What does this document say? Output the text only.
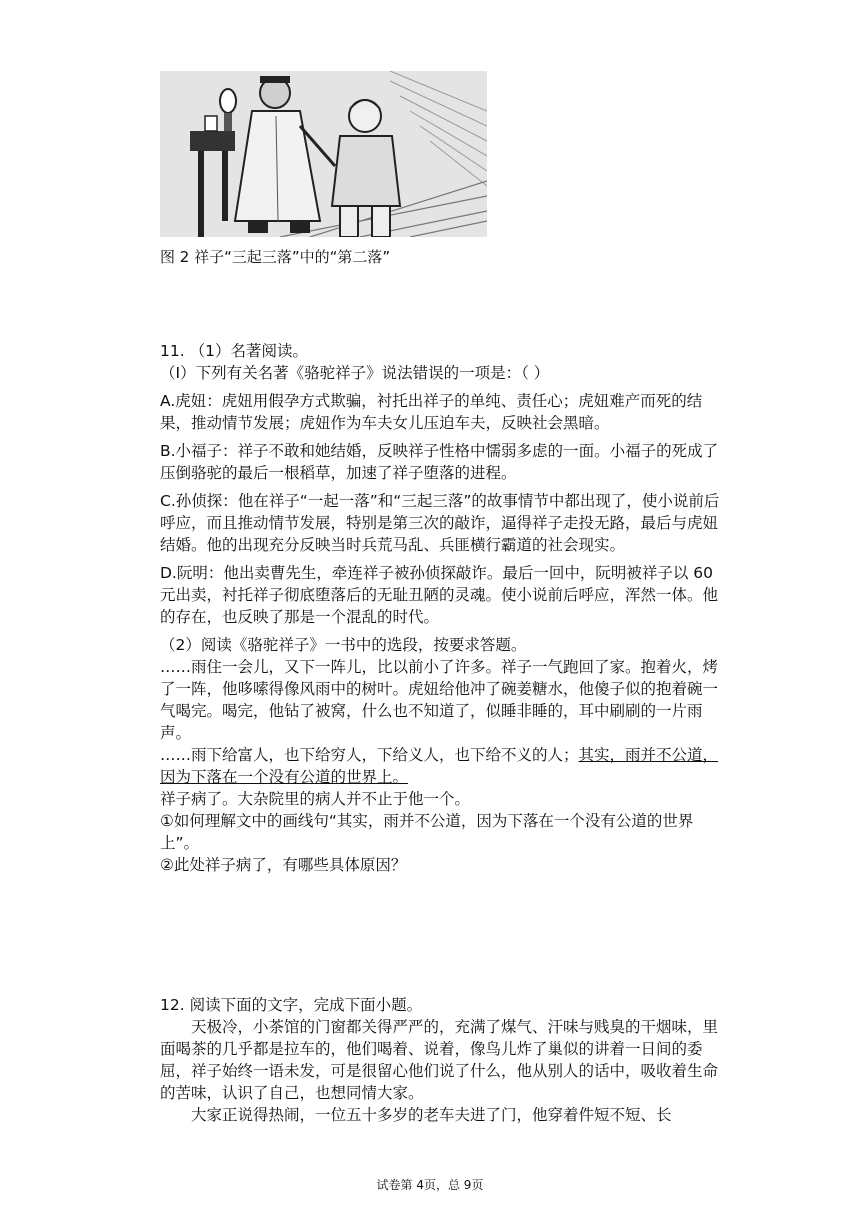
图 2 祥子“三起三落”中的“第二落”

11. （1）名著阅读。

（Ⅰ）下列有关名著《骆驼祥子》说法错误的一项是：（ ）

A.虎妞：虎妞用假孕方式欺骗，衬托出祥子的单纯、责任心；虎妞难产而死的结果，推动情节发展；虎妞作为车夫女儿压迫车夫，反映社会黑暗。

B.小福子：祥子不敢和她结婚，反映祥子性格中懦弱多虑的一面。小福子的死成了压倒骆驼的最后一根稻草，加速了祥子堕落的进程。

C.孙侦探：他在祥子“一起一落”和“三起三落”的故事情节中都出现了，使小说前后呼应，而且推动情节发展，特别是第三次的敲诈，逼得祥子走投无路，最后与虎妞结婚。他的出现充分反映当时兵荒马乱、兵匪横行霸道的社会现实。

D.阮明：他出卖曹先生，牵连祥子被孙侦探敲诈。最后一回中，阮明被祥子以 60 元出卖，衬托祥子彻底堕落后的无耻丑陋的灵魂。使小说前后呼应，浑然一体。他的存在，也反映了那是一个混乱的时代。

（2）阅读《骆驼祥子》一书中的选段，按要求答题。

……雨住一会儿，又下一阵儿，比以前小了许多。祥子一气跑回了家。抱着火，烤了一阵，他哆嗦得像风雨中的树叶。虎妞给他冲了碗姜糖水，他傻子似的抱着碗一气喝完。喝完，他钻了被窝，什么也不知道了，似睡非睡的，耳中刷刷的一片雨声。

……雨下给富人，也下给穷人，下给义人，也下给不义的人；其实，雨并不公道，因为下落在一个没有公道的世界上。

祥子病了。大杂院里的病人并不止于他一个。

①如何理解文中的画线句“其实，雨并不公道，因为下落在一个没有公道的世界上”。

②此处祥子病了，有哪些具体原因？

12. 阅读下面的文字，完成下面小题。

天极冷，小茶馆的门窗都关得严严的，充满了煤气、汗味与贱臭的干烟味，里面喝茶的几乎都是拉车的，他们喝着、说着，像鸟儿炸了巢似的讲着一日间的委屈，祥子始终一语未发，可是很留心他们说了什么，他从别人的话中，吸收着生命的苦味，认识了自己，也想同情大家。

大家正说得热闹，一位五十多岁的老车夫进了门，他穿着件短不短、长

试卷第 4页，总 9页
